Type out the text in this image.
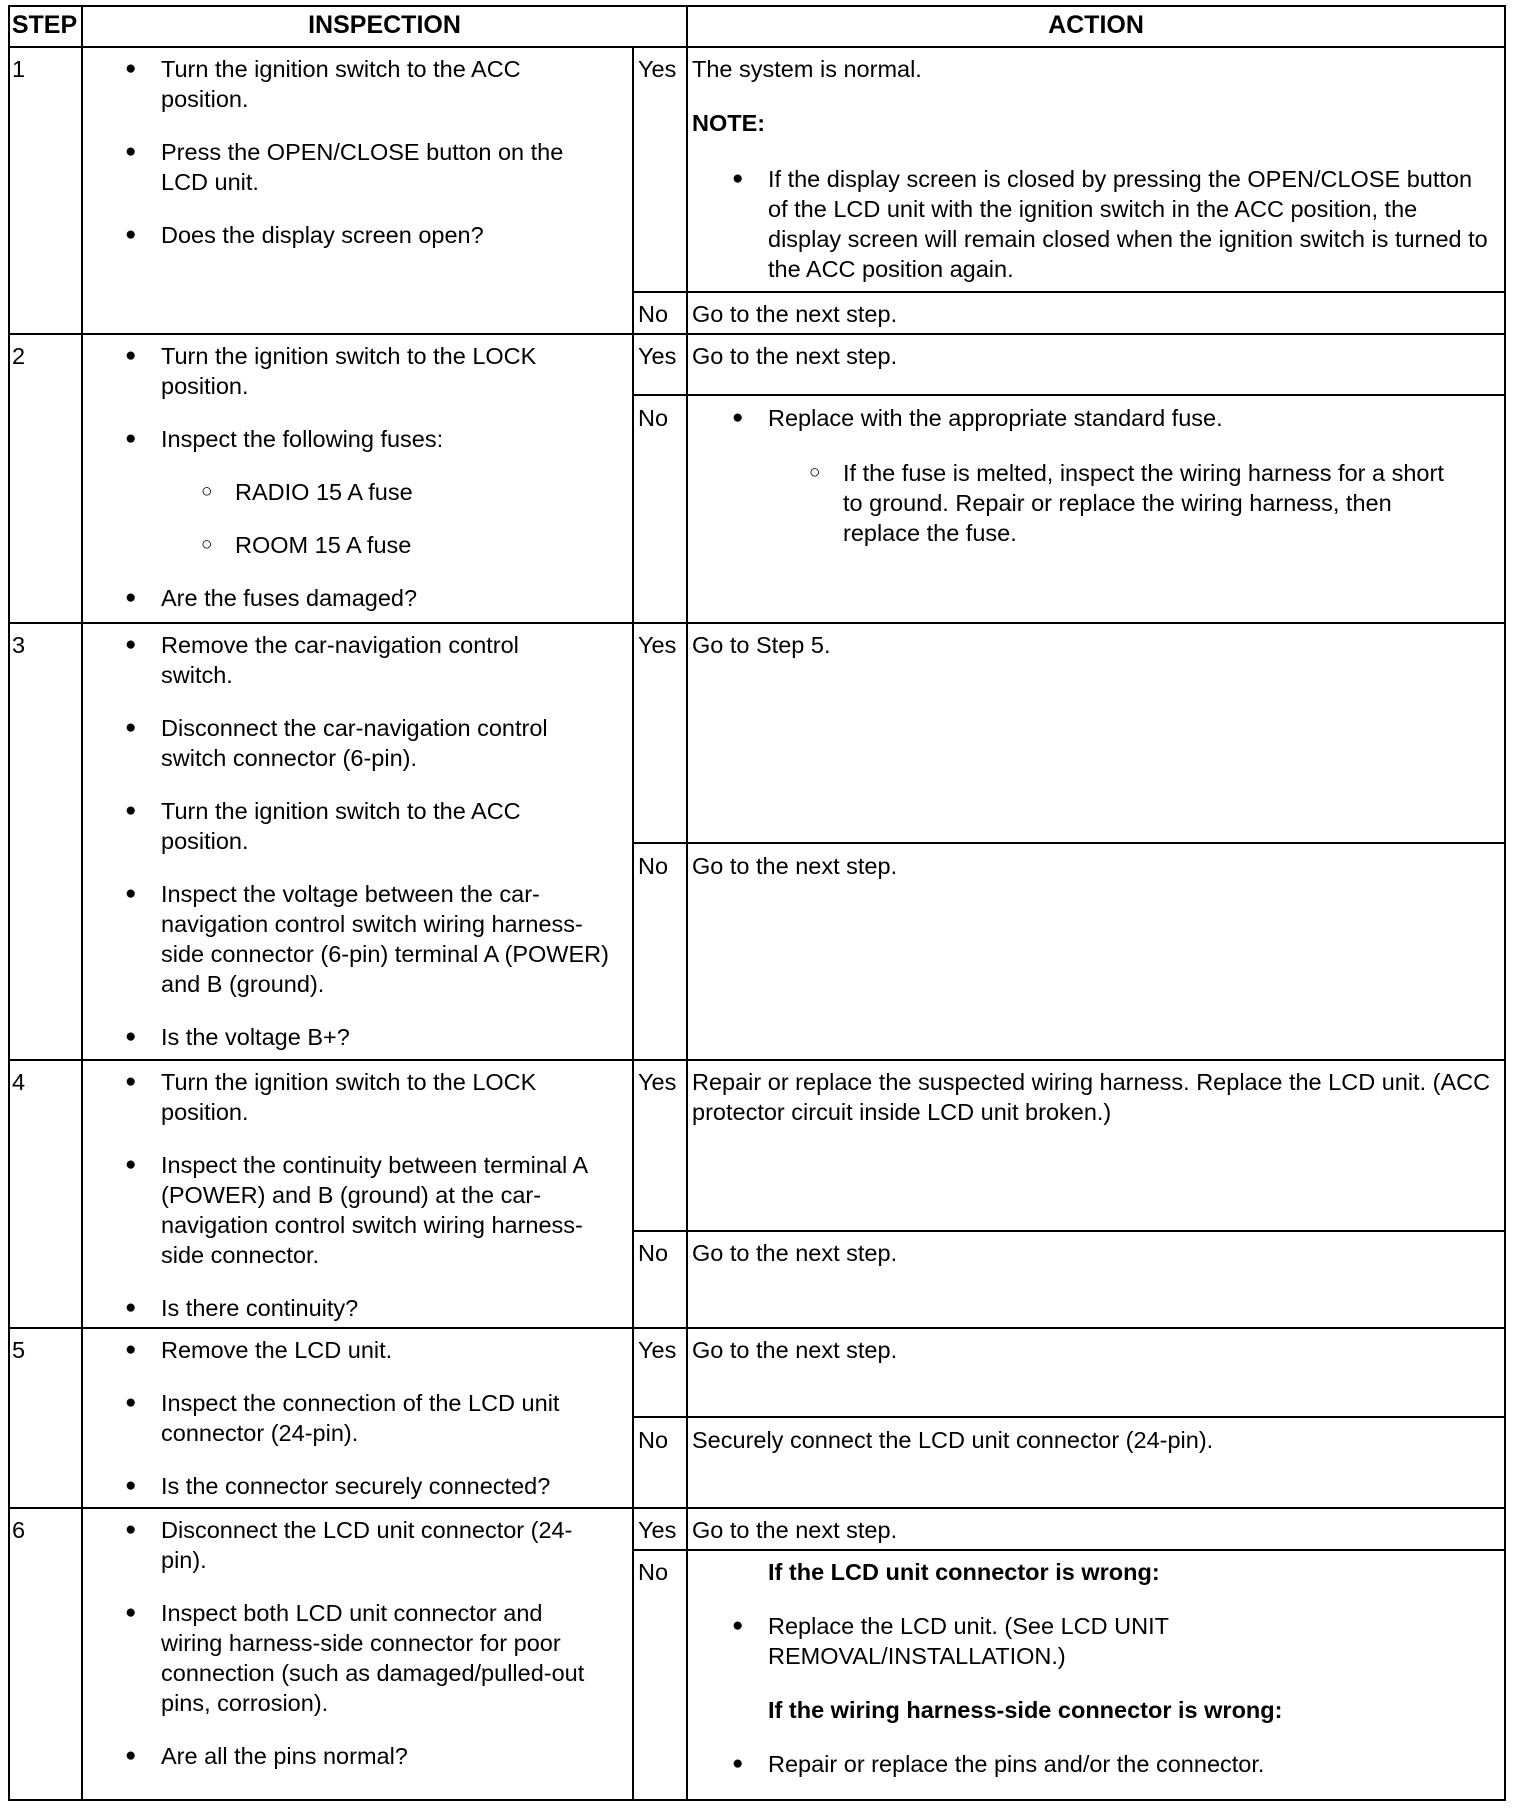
STEP	INSPECTION	ACTION
1	● Turn the ignition switch to the ACC position.
● Press the OPEN/CLOSE button on the LCD unit.
● Does the display screen open?
Yes The system is normal.
NOTE:
● If the display screen is closed by pressing the OPEN/CLOSE button of the LCD unit with the ignition switch in the ACC position, the display screen will remain closed when the ignition switch is turned to the ACC position again.
No Go to the next step.
2	● Turn the ignition switch to the LOCK position.
● Inspect the following fuses:
○ RADIO 15 A fuse
○ ROOM 15 A fuse
● Are the fuses damaged?
Yes Go to the next step.
No	● Replace with the appropriate standard fuse.
○ If the fuse is melted, inspect the wiring harness for a short to ground. Repair or replace the wiring harness, then replace the fuse.
3	● Remove the car-navigation control switch.
● Disconnect the car-navigation control switch connector (6-pin).
● Turn the ignition switch to the ACC position.
● Inspect the voltage between the car-navigation control switch wiring harness-side connector (6-pin) terminal A (POWER) and B (ground).
● Is the voltage B+?
Yes Go to Step 5.
No Go to the next step.
4	● Turn the ignition switch to the LOCK position.
● Inspect the continuity between terminal A (POWER) and B (ground) at the car-navigation control switch wiring harness-side connector.
● Is there continuity?
Yes Repair or replace the suspected wiring harness. Replace the LCD unit. (ACC protector circuit inside LCD unit broken.)
No Go to the next step.
5	● Remove the LCD unit.
● Inspect the connection of the LCD unit connector (24-pin).
● Is the connector securely connected?
Yes Go to the next step.
No Securely connect the LCD unit connector (24-pin).
6	● Disconnect the LCD unit connector (24-pin).
● Inspect both LCD unit connector and wiring harness-side connector for poor connection (such as damaged/pulled-out pins, corrosion).
● Are all the pins normal?
Yes Go to the next step.
No	If the LCD unit connector is wrong:
● Replace the LCD unit. (See LCD UNIT REMOVAL/INSTALLATION.)
If the wiring harness-side connector is wrong:
● Repair or replace the pins and/or the connector.
